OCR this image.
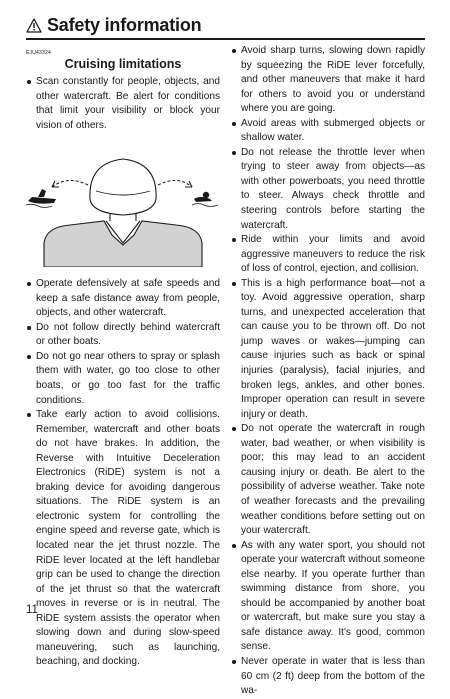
Safety information
EJU43324
Cruising limitations
Scan constantly for people, objects, and other watercraft. Be alert for conditions that limit your visibility or block your vision of others.
Operate defensively at safe speeds and keep a safe distance away from people, objects, and other watercraft.
Do not follow directly behind watercraft or other boats.
Do not go near others to spray or splash them with water, go too close to other boats, or go too fast for the traffic conditions.
Take early action to avoid collisions. Remember, watercraft and other boats do not have brakes. In addition, the Reverse with Intuitive Deceleration Electronics (RiDE) system is not a braking device for avoiding dangerous situations. The RiDE system is an electronic system for controlling the engine speed and reverse gate, which is located near the jet thrust nozzle. The RiDE lever located at the left handlebar grip can be used to change the direction of the jet thrust so that the watercraft moves in reverse or is in neutral. The RiDE system assists the operator when slowing down and during slow-speed maneuvering, such as launching, beaching, and docking.
Avoid sharp turns, slowing down rapidly by squeezing the RiDE lever forcefully, and other maneuvers that make it hard for others to avoid you or understand where you are going.
Avoid areas with submerged objects or shallow water.
Do not release the throttle lever when trying to steer away from objects—as with other powerboats, you need throttle to steer. Always check throttle and steering controls before starting the watercraft.
Ride within your limits and avoid aggressive maneuvers to reduce the risk of loss of control, ejection, and collision.
This is a high performance boat—not a toy. Avoid aggressive operation, sharp turns, and unexpected acceleration that can cause you to be thrown off. Do not jump waves or wakes—jumping can cause injuries such as back or spinal injuries (paralysis), facial injuries, and broken legs, ankles, and other bones. Improper operation can result in severe injury or death.
Do not operate the watercraft in rough water, bad weather, or when visibility is poor; this may lead to an accident causing injury or death. Be alert to the possibility of adverse weather. Take note of weather forecasts and the prevailing weather conditions before setting out on your watercraft.
As with any water sport, you should not operate your watercraft without someone else nearby. If you operate further than swimming distance from shore, you should be accompanied by another boat or watercraft, but make sure you stay a safe distance away. It's good, common sense.
Never operate in water that is less than 60 cm (2 ft) deep from the bottom of the wa-
11
